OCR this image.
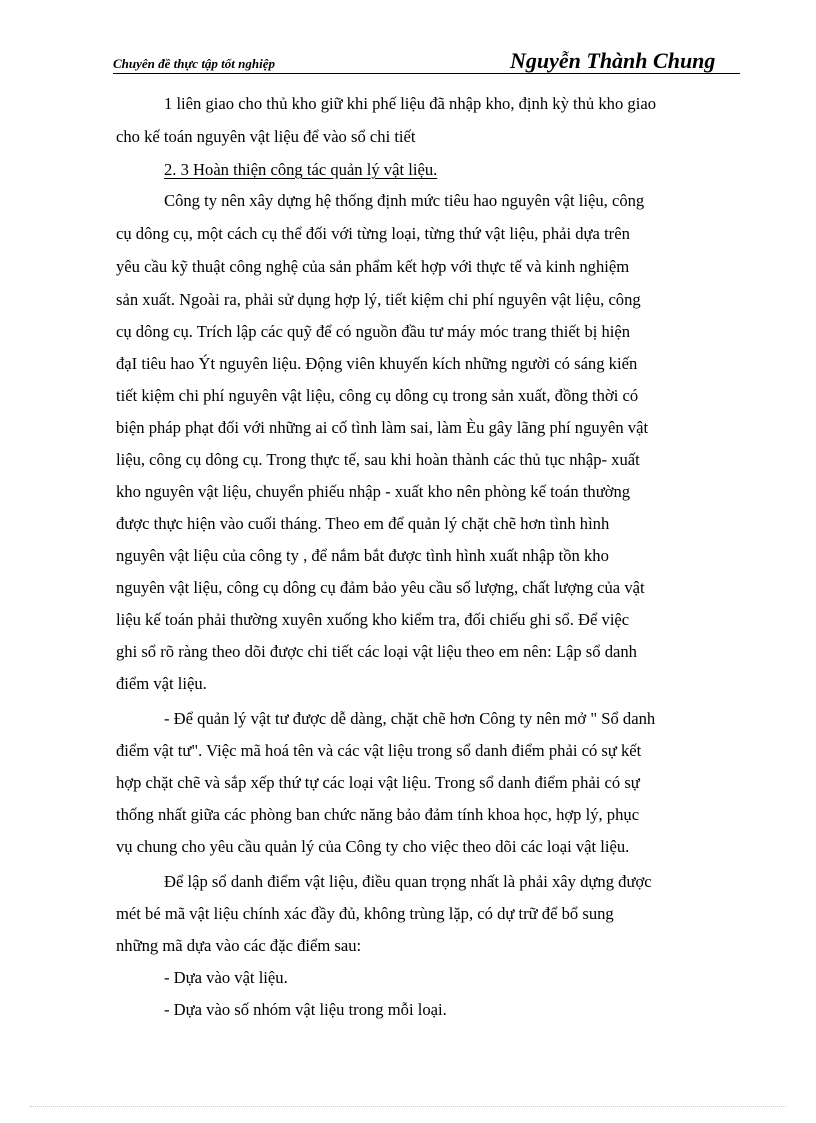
Chuyên đề thực tập tốt nghiệp	Nguyễn Thành Chung
1 liên giao cho thủ kho giữ khi phế liệu đã nhập kho, định kỳ thủ kho giao
cho kế toán nguyên vật liệu để vào sổ chi tiết
2. 3 Hoàn thiện công tác quản lý vật liệu.
Công ty nên xây dựng hệ thống định mức tiêu hao nguyên vật liệu, công
cụ dông cụ, một cách cụ thể đối với từng loại, từng thứ vật liệu, phải dựa trên
yêu cầu kỹ thuật công nghệ của sản phẩm kết hợp với thực tế và kinh nghiệm
sản xuất. Ngoài ra, phải sử dụng hợp lý, tiết kiệm chi phí nguyên vật liệu, công
cụ dông cụ. Trích lập các quỹ để có nguồn đầu tư máy móc trang thiết bị hiện
đạI tiêu hao Ýt nguyên liệu. Động viên khuyến kích những người có sáng kiến
tiết kiệm chi phí nguyên vật liệu, công cụ dông cụ trong sản xuất, đồng thời có
biện pháp phạt đối với những ai cố tình làm sai, làm Èu gây lãng phí nguyên vật
liệu, công cụ dông cụ. Trong thực tế, sau khi hoàn thành các thủ tục nhập- xuất
kho nguyên vật liệu, chuyển phiếu nhập - xuất kho nên phòng kế toán thường
được thực hiện vào cuối tháng. Theo em để quản lý chặt chẽ hơn tình hình
nguyên vật liệu của công ty , để nắm bắt được tình hình xuất nhập tồn kho
nguyên vật liệu, công cụ dông cụ đảm bảo yêu cầu số lượng, chất lượng của vật
liệu kế toán phải thường xuyên xuống kho kiểm tra, đối chiếu ghi sổ. Để việc
ghi sổ rõ ràng theo dõi được chi tiết các loại vật liệu theo em nên: Lập sổ danh
điểm vật liệu.
- Để quản lý vật tư được dễ dàng, chặt chẽ hơn Công ty nên mở " Sổ danh
điểm vật tư". Việc mã hoá tên và các vật liệu trong sổ danh điểm phải có sự kết
hợp chặt chẽ và sắp xếp thứ tự các loại vật liệu. Trong sổ danh điểm phải có sự
thống nhất giữa các phòng ban chức năng bảo đảm tính khoa học, hợp lý, phục
vụ chung cho yêu cầu quản lý của Công ty cho việc theo dõi các loại vật liệu.
Để lập sổ danh điểm vật liệu, điều quan trọng nhất là phải xây dựng được
mét bé mã vật liệu chính xác đầy đủ, không trùng lặp, có dự trữ để bổ sung
những mã dựa vào các đặc điểm sau:
- Dựa vào vật liệu.
- Dựa vào số nhóm vật liệu trong mỗi loại.
